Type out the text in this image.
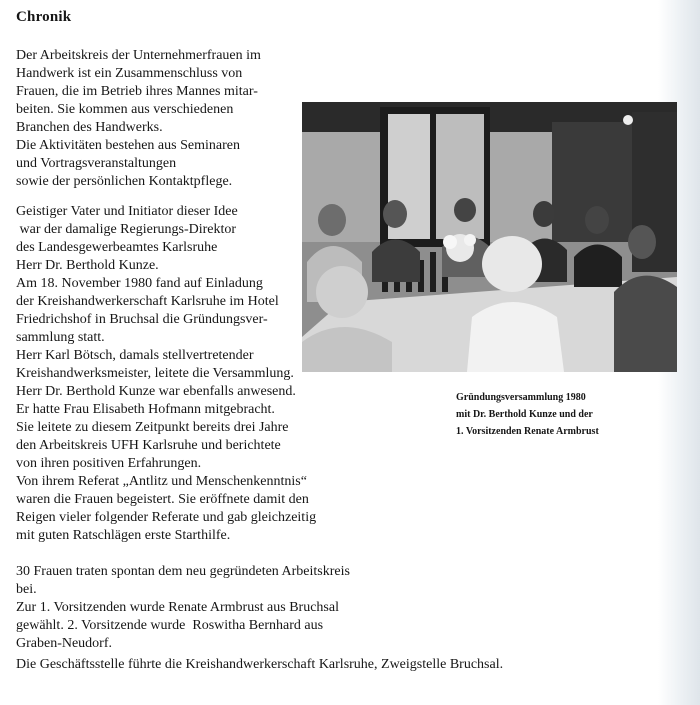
Chronik

Der Arbeitskreis der Unternehmerfrauen im
Handwerk ist ein Zusammenschluss von
Frauen, die im Betrieb ihres Mannes mitar-
beiten. Sie kommen aus verschiedenen
Branchen des Handwerks.
Die Aktivitäten bestehen aus Seminaren
und Vortragsveranstaltungen
sowie der persönlichen Kontaktpflege.

Geistiger Vater und Initiator dieser Idee
war der damalige Regierungs-Direktor
des Landesgewerbeamtes Karlsruhe
Herr Dr. Berthold Kunze.

Am 18. November 1980 fand auf Einladung
der Kreishandwerkerschaft Karlsruhe im Hotel
Friedrichshof in Bruchsal die Gründungsver-
sammlung statt.
Herr Karl Bötsch, damals stellvertretender
Kreishandwerksmeister, leitete die Versammlung.
Herr Dr. Berthold Kunze war ebenfalls anwesend.
Er hatte Frau Elisabeth Hofmann mitgebracht.
Sie leitete zu diesem Zeitpunkt bereits drei Jahre
den Arbeitskreis UFH Karlsruhe und berichtete
von ihren positiven Erfahrungen.
Von ihrem Referat „Antlitz und Menschenkenntnis“
waren die Frauen begeistert. Sie eröffnete damit den
Reigen vieler folgender Referate und gab gleichzeitig
mit guten Ratschlägen erste Starthilfe.

30 Frauen traten spontan dem neu gegründeten Arbeitskreis
bei.
Zur 1. Vorsitzenden wurde Renate Armbrust aus Bruchsal
gewählt. 2. Vorsitzende wurde  Roswitha Bernhard aus
Graben-Neudorf.

Die Geschäftsstelle führte die Kreishandwerkerschaft Karlsruhe, Zweigstelle Bruchsal.

Gründungsversammlung 1980
mit Dr. Berthold Kunze und der
1. Vorsitzenden Renate Armbrust
